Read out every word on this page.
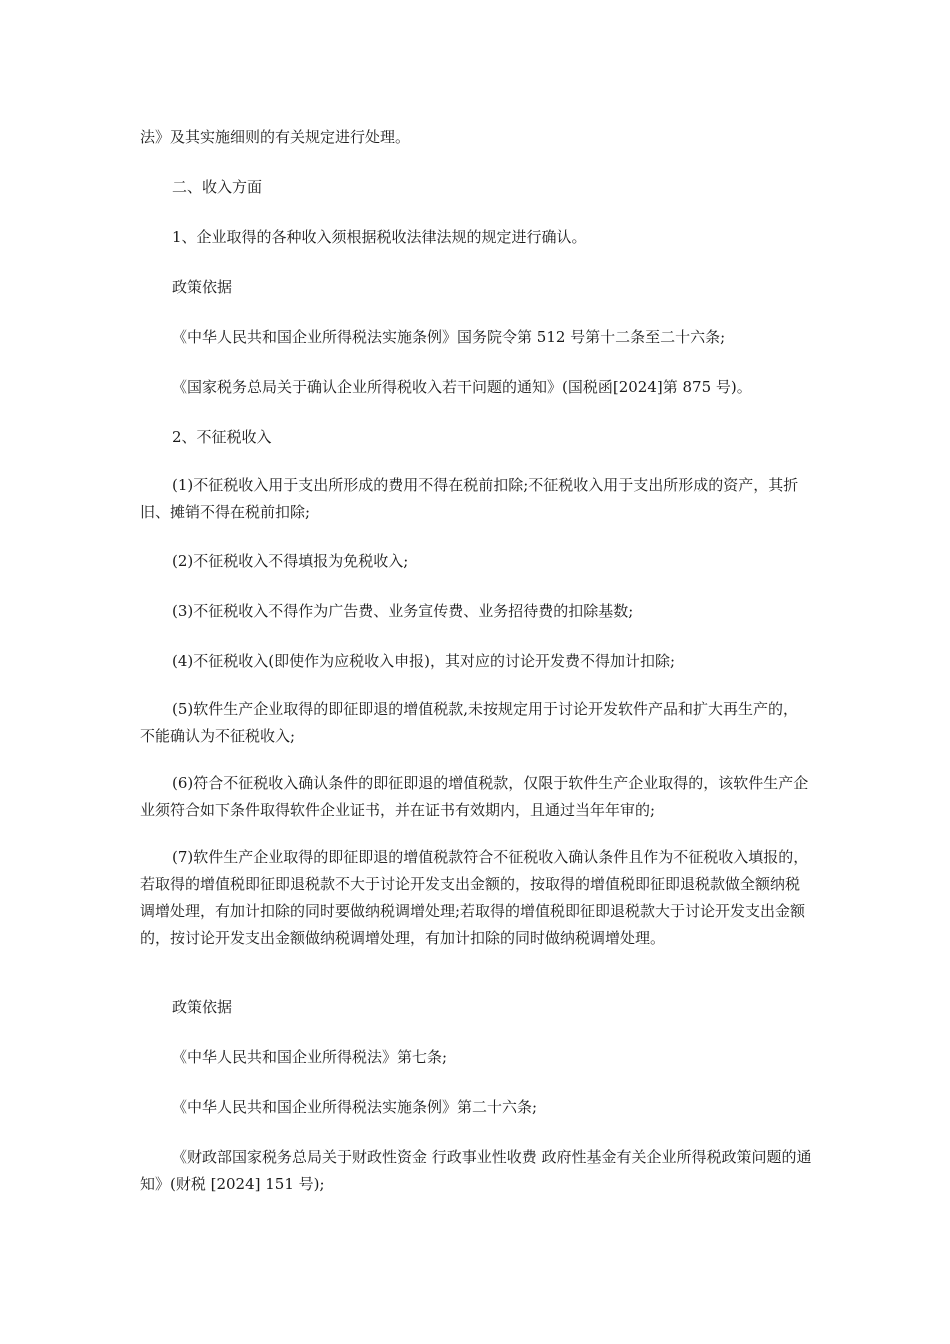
法》及其实施细则的有关规定进行处理。

二、收入方面

1、企业取得的各种收入须根据税收法律法规的规定进行确认。

政策依据

《中华人民共和国企业所得税法实施条例》国务院令第 512 号第十二条至二十六条;

《国家税务总局关于确认企业所得税收入若干问题的通知》(国税函[2024]第 875 号)。

2、不征税收入

(1)不征税收入用于支出所形成的费用不得在税前扣除;不征税收入用于支出所形成的资产，其折旧、摊销不得在税前扣除;

(2)不征税收入不得填报为免税收入;

(3)不征税收入不得作为广告费、业务宣传费、业务招待费的扣除基数;

(4)不征税收入(即使作为应税收入申报)，其对应的讨论开发费不得加计扣除;

(5)软件生产企业取得的即征即退的增值税款,未按规定用于讨论开发软件产品和扩大再生产的，不能确认为不征税收入;

(6)符合不征税收入确认条件的即征即退的增值税款，仅限于软件生产企业取得的，该软件生产企业须符合如下条件取得软件企业证书，并在证书有效期内，且通过当年年审的;

(7)软件生产企业取得的即征即退的增值税款符合不征税收入确认条件且作为不征税收入填报的，若取得的增值税即征即退税款不大于讨论开发支出金额的，按取得的增值税即征即退税款做全额纳税调增处理，有加计扣除的同时要做纳税调增处理;若取得的增值税即征即退税款大于讨论开发支出金额的，按讨论开发支出金额做纳税调增处理，有加计扣除的同时做纳税调增处理。

政策依据

《中华人民共和国企业所得税法》第七条;

《中华人民共和国企业所得税法实施条例》第二十六条;

《财政部国家税务总局关于财政性资金 行政事业性收费 政府性基金有关企业所得税政策问题的通知》(财税 [2024] 151 号);
